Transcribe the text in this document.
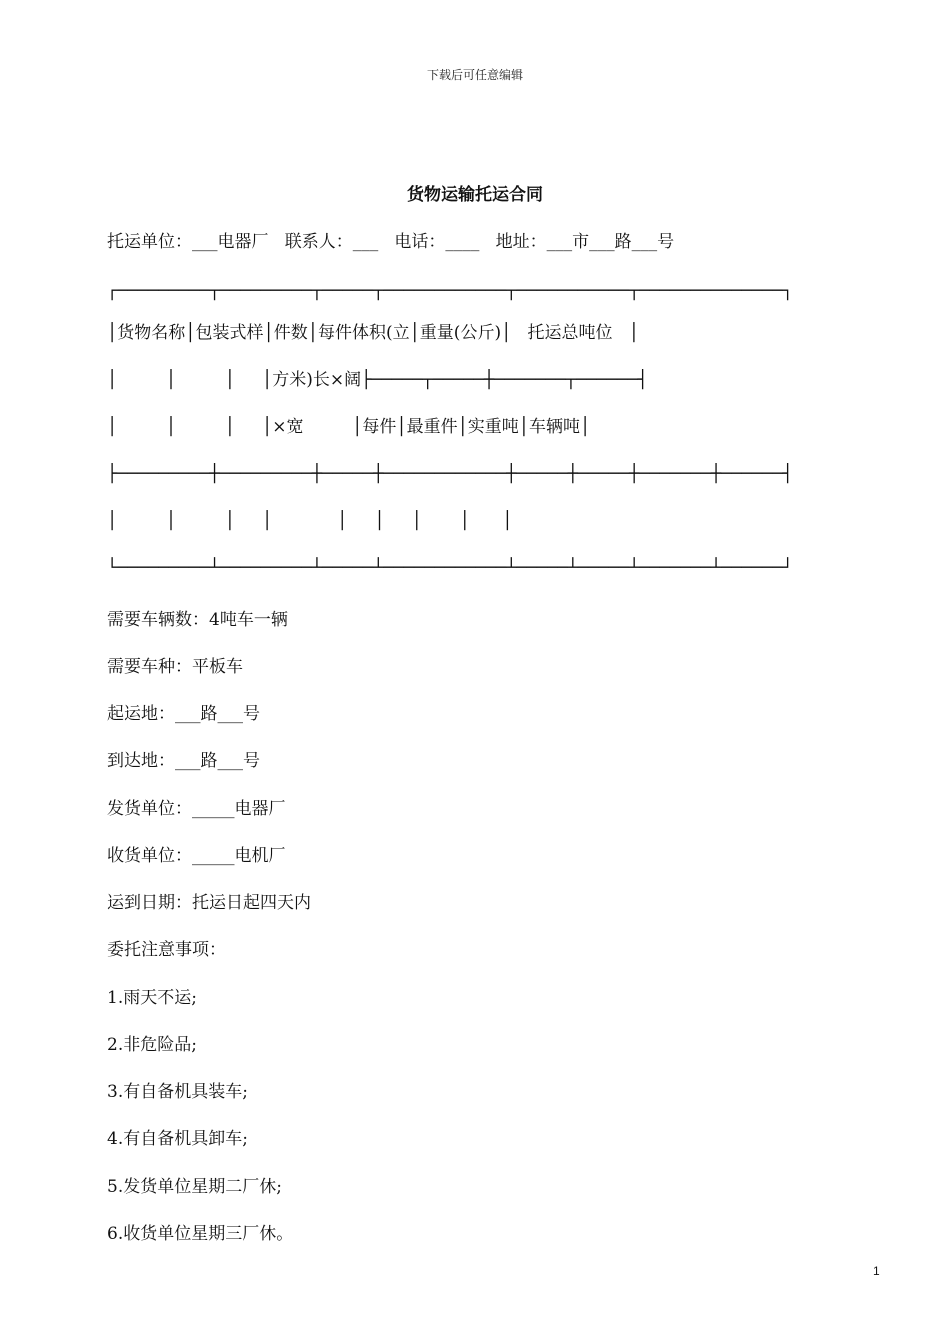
下载后可任意编辑
货物运输托运合同
托运单位：___电器厂   联系人：___   电话：____   地址：___市___路___号
┌─────────┬─────────┬─────┬────────────┬───────────┬──────────────┐
│货物名称│包装式样│件数│每件体积(立│重量(公斤)│   托运总吨位   │
│         │         │     │方米)长×阔├─────┬─────┼───────┬──────┤
│         │         │     │×宽         │每件│最重件│实重吨│车辆吨│
├─────────┼─────────┼─────┼────────────┼─────┼─────┼───────┼──────┤
│         │         │     │            │     │     │       │      │
└─────────┴─────────┴─────┴────────────┴─────┴─────┴───────┴──────┘
需要车辆数：4吨车一辆
需要车种：平板车
起运地：___路___号
到达地：___路___号
发货单位：_____电器厂
收货单位：_____电机厂
运到日期：托运日起四天内
委托注意事项：
1.雨天不运;
2.非危险品;
3.有自备机具装车;
4.有自备机具卸车;
5.发货单位星期二厂休;
6.收货单位星期三厂休。
1
